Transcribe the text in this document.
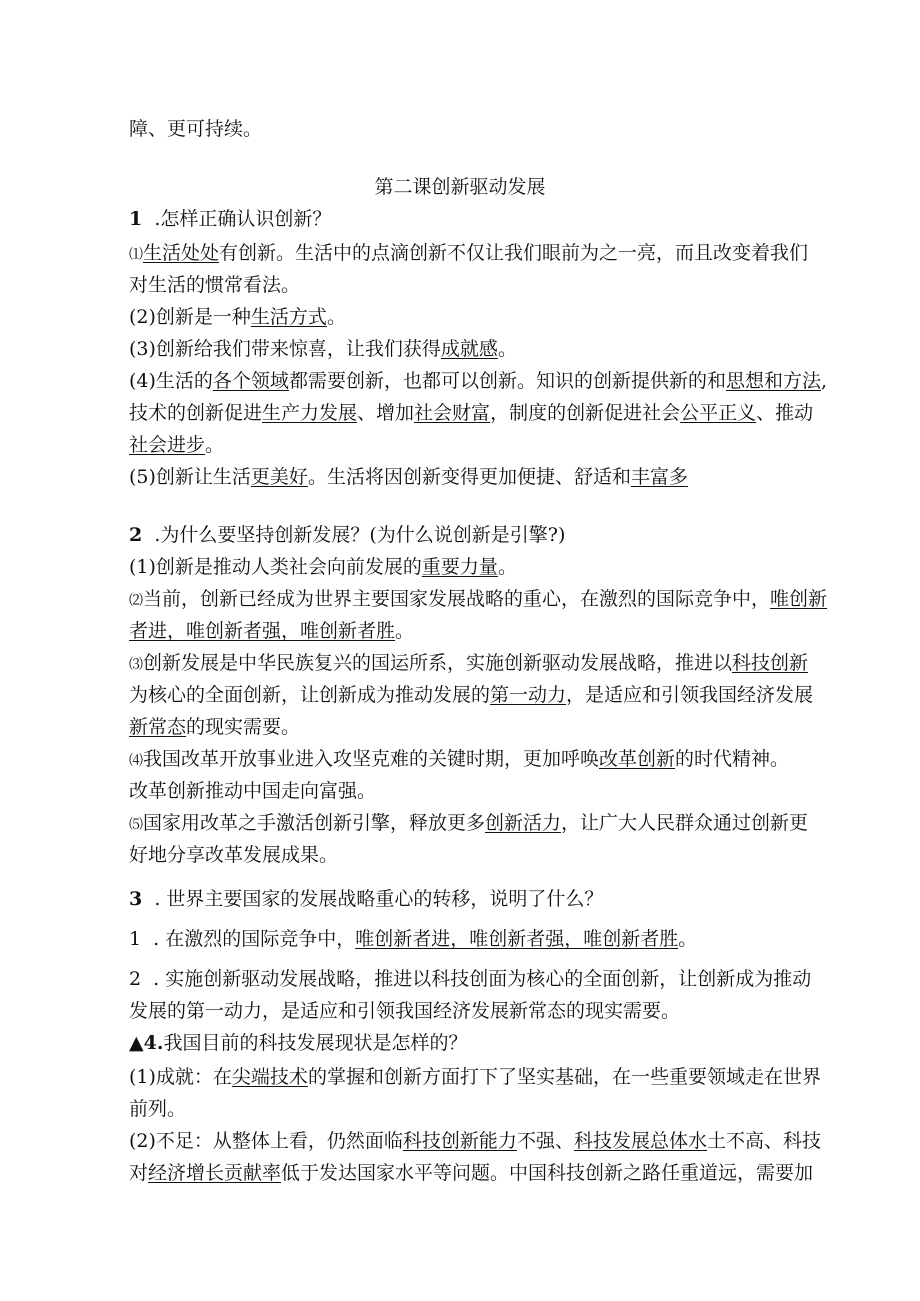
障、更可持续。
第二课创新驱动发展
1  .怎样正确认识创新？
⑴生活处处有创新。生活中的点滴创新不仅让我们眼前为之一亮，而且改变着我们
对生活的惯常看法。
(2)创新是一种生活方式。
(3)创新给我们带来惊喜，让我们获得成就感。
(4)生活的各个领域都需要创新，也都可以创新。知识的创新提供新的和思想和方法,
技术的创新促进生产力发展、增加社会财富，制度的创新促进社会公平正义、推动
社会进步。
(5)创新让生活更美好。生活将因创新变得更加便捷、舒适和丰富多
2  .为什么要坚持创新发展？(为什么说创新是引擎?)
(1)创新是推动人类社会向前发展的重要力量。
⑵当前，创新已经成为世界主要国家发展战略的重心，在激烈的国际竞争中，唯创新
者进，唯创新者强，唯创新者胜。
⑶创新发展是中华民族复兴的国运所系，实施创新驱动发展战略，推进以科技创新
为核心的全面创新，让创新成为推动发展的第一动力，是适应和引领我国经济发展
新常态的现实需要。
⑷我国改革开放事业进入攻坚克难的关键时期，更加呼唤改革创新的时代精神。
改革创新推动中国走向富强。
⑸国家用改革之手激活创新引擎，释放更多创新活力，让广大人民群众通过创新更
好地分享改革发展成果。
3  . 世界主要国家的发展战略重心的转移，说明了什么？
1  . 在激烈的国际竞争中，唯创新者进，唯创新者强，唯创新者胜。
2  . 实施创新驱动发展战略，推进以科技创面为核心的全面创新，让创新成为推动
发展的第一动力，是适应和引领我国经济发展新常态的现实需要。
▲4.我国目前的科技发展现状是怎样的？
(1)成就：在尖端技术的掌握和创新方面打下了坚实基础，在一些重要领域走在世界
前列。
(2)不足：从整体上看，仍然面临科技创新能力不强、科技发展总体水土不高、科技
对经济增长贡献率低于发达国家水平等问题。中国科技创新之路任重道远，需要加
